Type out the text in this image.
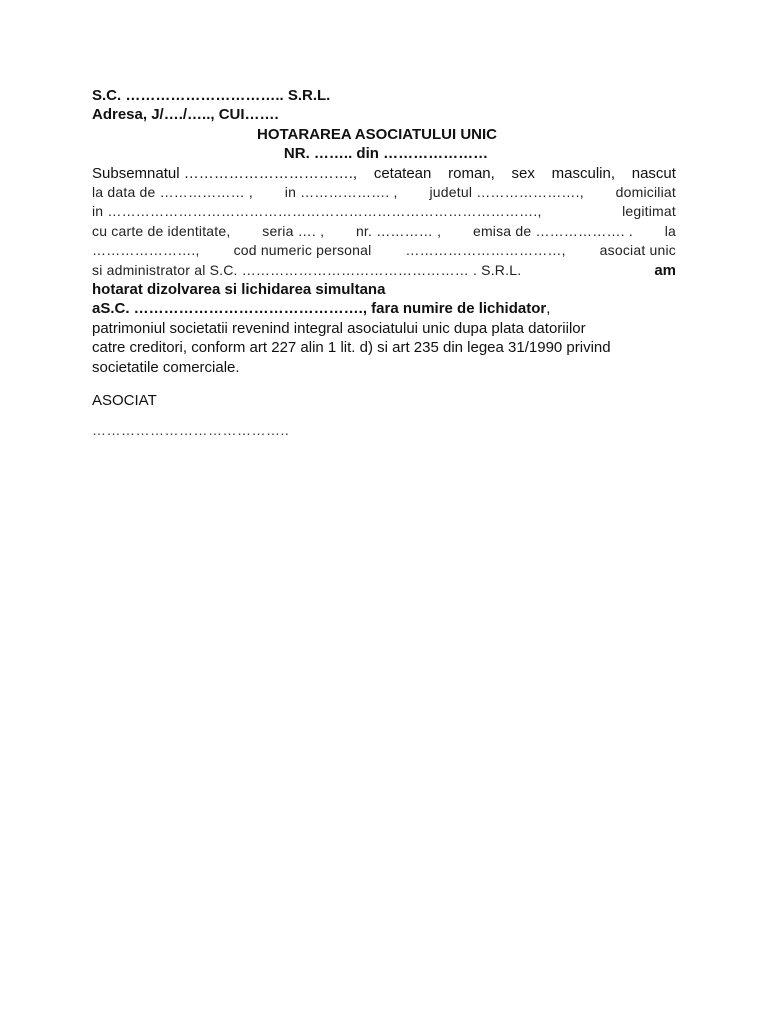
S.C. ………………………….. S.R.L.
Adresa, J/…./….., CUI…….
HOTARAREA ASOCIATULUI UNIC
NR. …….. din …………………
Subsemnatul ……………………………., cetatean roman, sex masculin, nascut
la data de ……………… , in ………………. , judetul …………………., domiciliat
in ……………………………………………………………………………….,	legitimat
cu carte de identitate, seria …. , nr. ………… , emisa de ………………. . la
…………………., cod numeric personal ……………………………, asociat unic
si administrator al S.C. ………………………………………… . S.R.L.	am
hotarat dizolvarea si lichidarea simultana
aS.C. ………………………………………., fara numire de lichidator,
patrimoniul societatii revenind integral asociatului unic dupa plata datoriilor
catre creditori, conform art 227 alin 1 lit. d) si art 235 din legea 31/1990 privind
societatile comerciale.
ASOCIAT
…………………………………..
